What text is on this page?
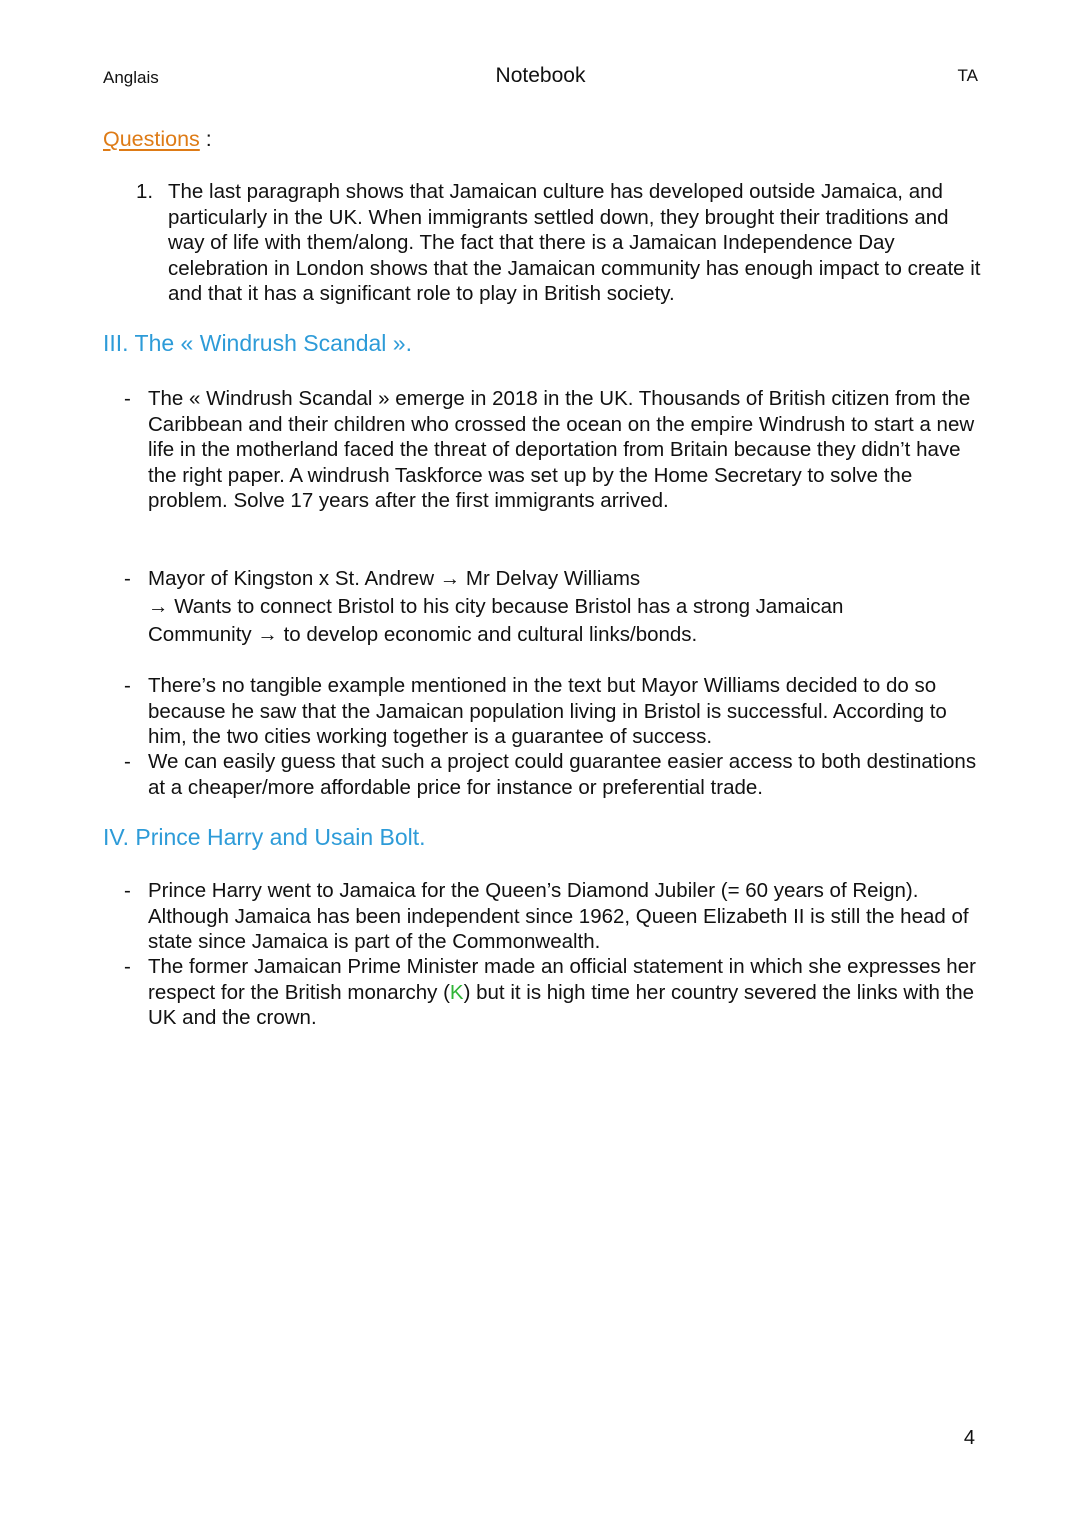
Anglais	Notebook	TA
Questions :
1. The last paragraph shows that Jamaican culture has developed outside Jamaica, and particularly in the UK. When immigrants settled down, they brought their traditions and way of life with them/along. The fact that there is a Jamaican Independence Day celebration in London shows that the Jamaican community has enough impact to create it and that it has a significant role to play in British society.
III. The « Windrush Scandal ».
- The « Windrush Scandal » emerge in 2018 in the UK. Thousands of British citizen from the Caribbean and their children who crossed the ocean on the empire Windrush to start a new life in the motherland faced the threat of deportation from Britain because they didn’t have the right paper. A windrush Taskforce was set up by the Home Secretary to solve the problem. Solve 17 years after the first immigrants arrived.
- Mayor of Kingston x St. Andrew → Mr Delvay Williams
→ Wants to connect Bristol to his city because Bristol has a strong Jamaican
Community → to develop economic and cultural links/bonds.
- There’s no tangible example mentioned in the text but Mayor Williams decided to do so because he saw that the Jamaican population living in Bristol is successful. According to him, the two cities working together is a guarantee of success.
- We can easily guess that such a project could guarantee easier access to both destinations at a cheaper/more affordable price for instance or preferential trade.
IV. Prince Harry and Usain Bolt.
- Prince Harry went to Jamaica for the Queen’s Diamond Jubiler (= 60 years of Reign). Although Jamaica has been independent since 1962, Queen Elizabeth II is still the head of state since Jamaica is part of the Commonwealth.
- The former Jamaican Prime Minister made an official statement in which she expresses her respect for the British monarchy (K) but it is high time her country severed the links with the UK and the crown.
4
